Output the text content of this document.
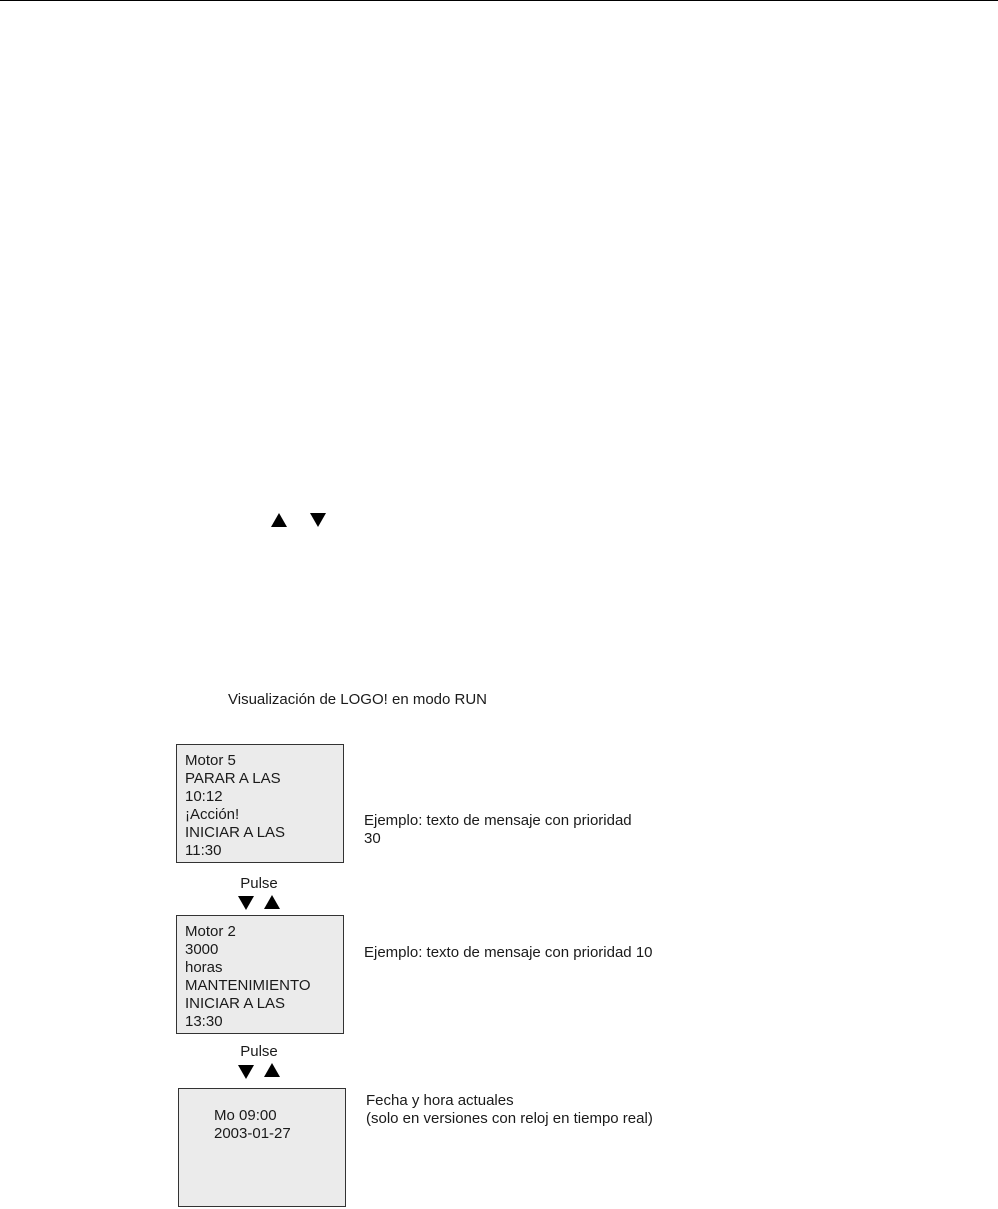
Visualización de LOGO! en modo RUN
Motor 5
PARAR A LAS
10:12
¡Acción!
INICIAR A LAS
11:30
Ejemplo: texto de mensaje con prioridad
30
Pulse
Motor 2
3000
horas
MANTENIMIENTO
INICIAR A LAS
13:30
Ejemplo: texto de mensaje con prioridad 10
Pulse
Mo 09:00
2003-01-27
Fecha y hora actuales
(solo en versiones con reloj en tiempo real)
